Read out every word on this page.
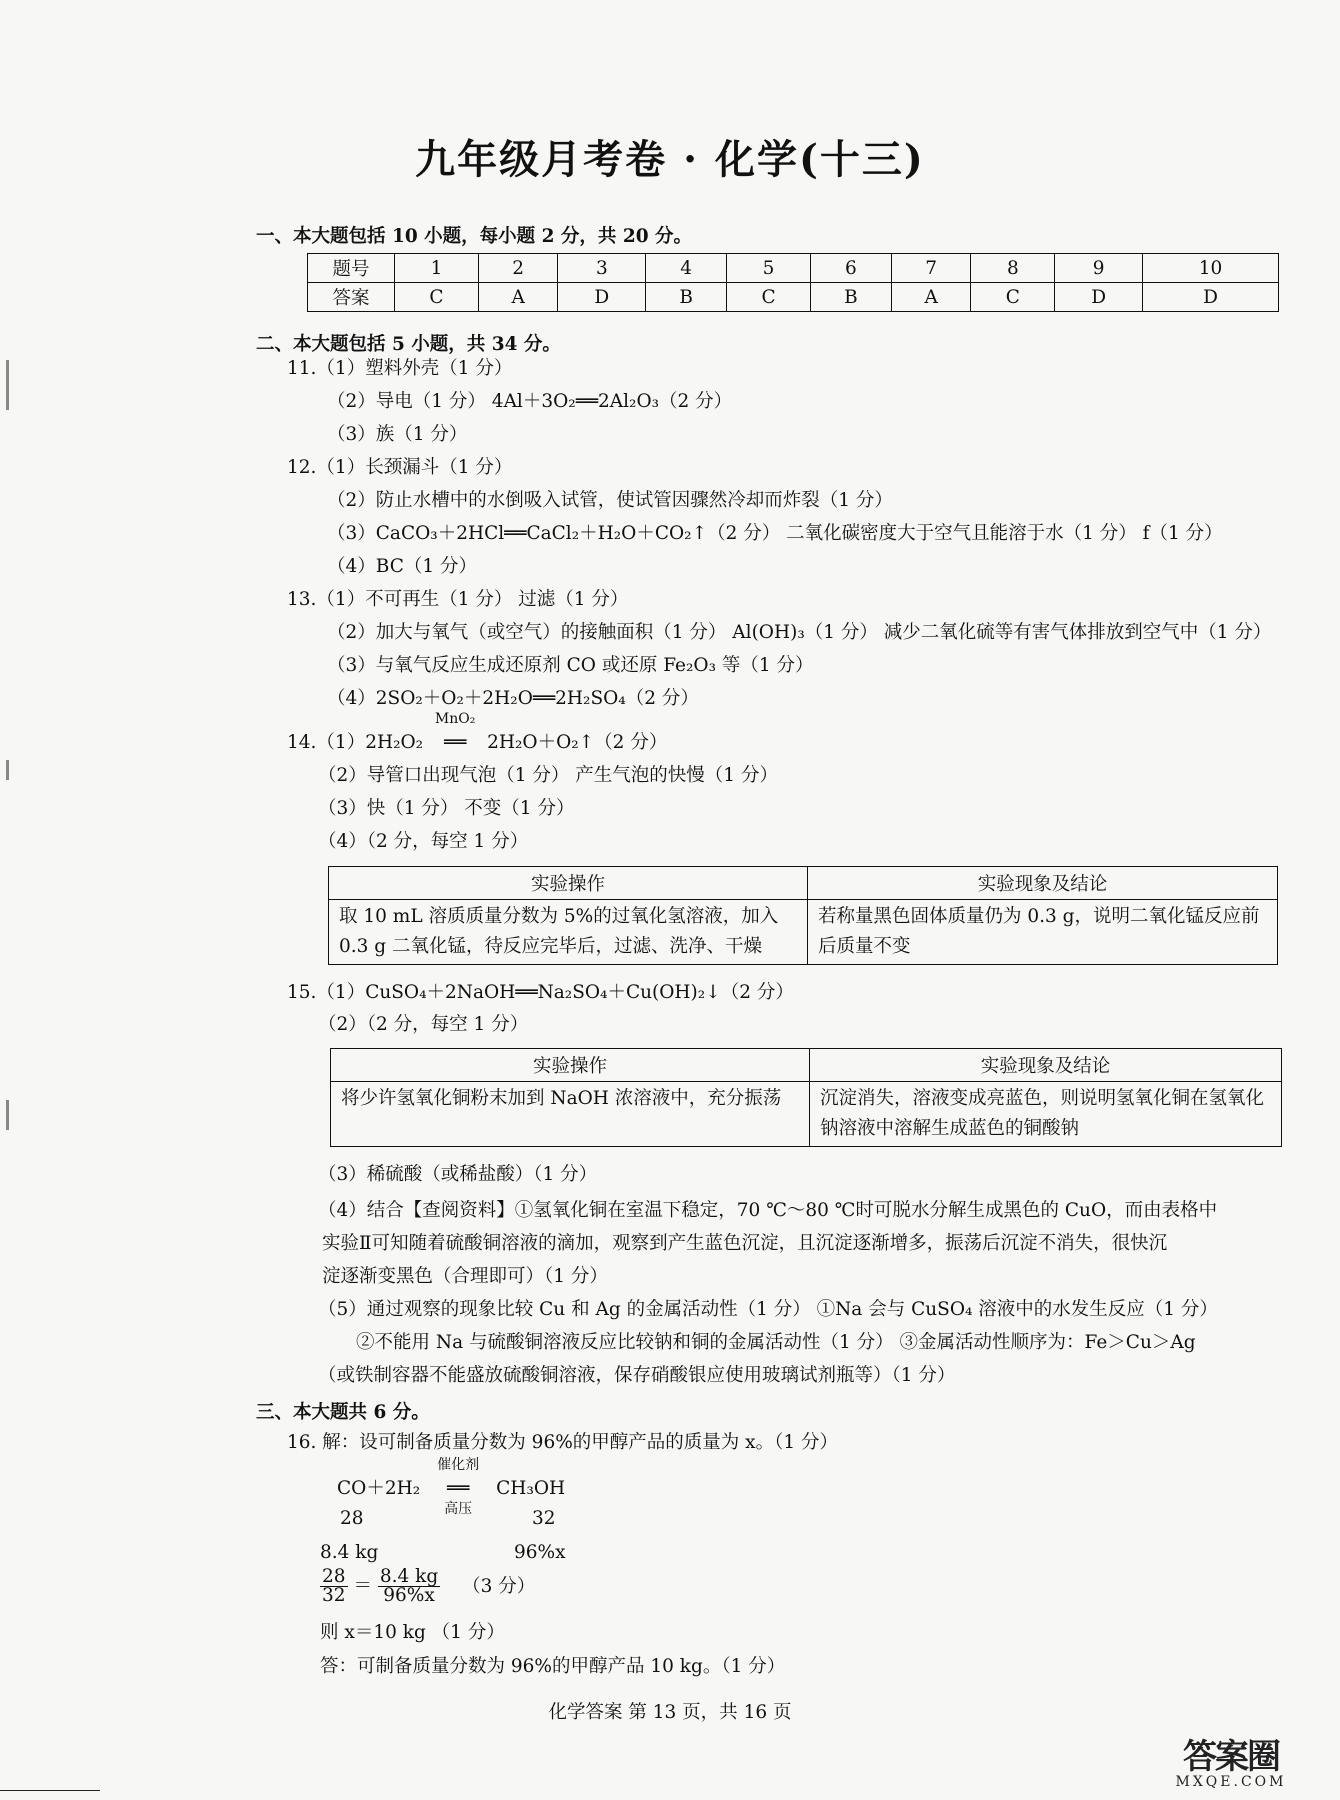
九年级月考卷 · 化学(十三)
一、本大题包括 10 小题，每小题 2 分，共 20 分。
题号	1	2	3	4	5	6	7	8	9	10
答案	C	A	D	B	C	B	A	C	D	D
二、本大题包括 5 小题，共 34 分。
11.（1）塑料外壳（1 分）
（2）导电（1 分） 4Al＋3O₂══2Al₂O₃（2 分）
（3）族（1 分）
12.（1）长颈漏斗（1 分）
（2）防止水槽中的水倒吸入试管，使试管因骤然冷却而炸裂（1 分）
（3）CaCO₃＋2HCl══CaCl₂＋H₂O＋CO₂↑（2 分） 二氧化碳密度大于空气且能溶于水（1 分） f（1 分）
（4）BC（1 分）
13.（1）不可再生（1 分） 过滤（1 分）
（2）加大与氧气（或空气）的接触面积（1 分） Al(OH)₃（1 分） 减少二氧化硫等有害气体排放到空气中（1 分）
（3）与氧气反应生成还原剂 CO 或还原 Fe₂O₃ 等（1 分）
（4）2SO₂＋O₂＋2H₂O══2H₂SO₄（2 分）
14.（1）2H₂O₂
MnO₂
══ 2H₂O＋O₂↑（2 分）
（2）导管口出现气泡（1 分） 产生气泡的快慢（1 分）
（3）快（1 分） 不变（1 分）
（4）（2 分，每空 1 分）
实验操作	实验现象及结论
取 10 mL 溶质质量分数为 5%的过氧化氢溶液，加入 0.3 g 二氧化锰，待反应完毕后，过滤、洗净、干燥	若称量黑色固体质量仍为 0.3 g，说明二氧化锰反应前后质量不变
15.（1）CuSO₄＋2NaOH══Na₂SO₄＋Cu(OH)₂↓（2 分）
（2）（2 分，每空 1 分）
实验操作	实验现象及结论
将少许氢氧化铜粉末加到 NaOH 浓溶液中，充分振荡	沉淀消失，溶液变成亮蓝色，则说明氢氧化铜在氢氧化钠溶液中溶解生成蓝色的铜酸钠
（3）稀硫酸（或稀盐酸）（1 分）
（4）结合【查阅资料】①氢氧化铜在室温下稳定，70 ℃～80 ℃时可脱水分解生成黑色的 CuO，而由表格中
实验Ⅱ可知随着硫酸铜溶液的滴加，观察到产生蓝色沉淀，且沉淀逐渐增多，振荡后沉淀不消失，很快沉
淀逐渐变黑色（合理即可）（1 分）
（5）通过观察的现象比较 Cu 和 Ag 的金属活动性（1 分） ①Na 会与 CuSO₄ 溶液中的水发生反应（1 分）
②不能用 Na 与硫酸铜溶液反应比较钠和铜的金属活动性（1 分） ③金属活动性顺序为：Fe＞Cu＞Ag
（或铁制容器不能盛放硫酸铜溶液，保存硝酸银应使用玻璃试剂瓶等）（1 分）
三、本大题共 6 分。
16. 解：设可制备质量分数为 96%的甲醇产品的质量为 x。（1 分）
CO＋2H₂
催化剂
══
高压
CH₃OH
28	32
8.4 kg	96%x
$\frac{28}{32} = \frac{8.4 kg}{96\%x} (3$ 分）
则 x＝10 kg （1 分）
答：可制备质量分数为 96%的甲醇产品 10 kg。（1 分）
化学答案 第 13 页，共 16 页
答案圈
MXQE.COM
